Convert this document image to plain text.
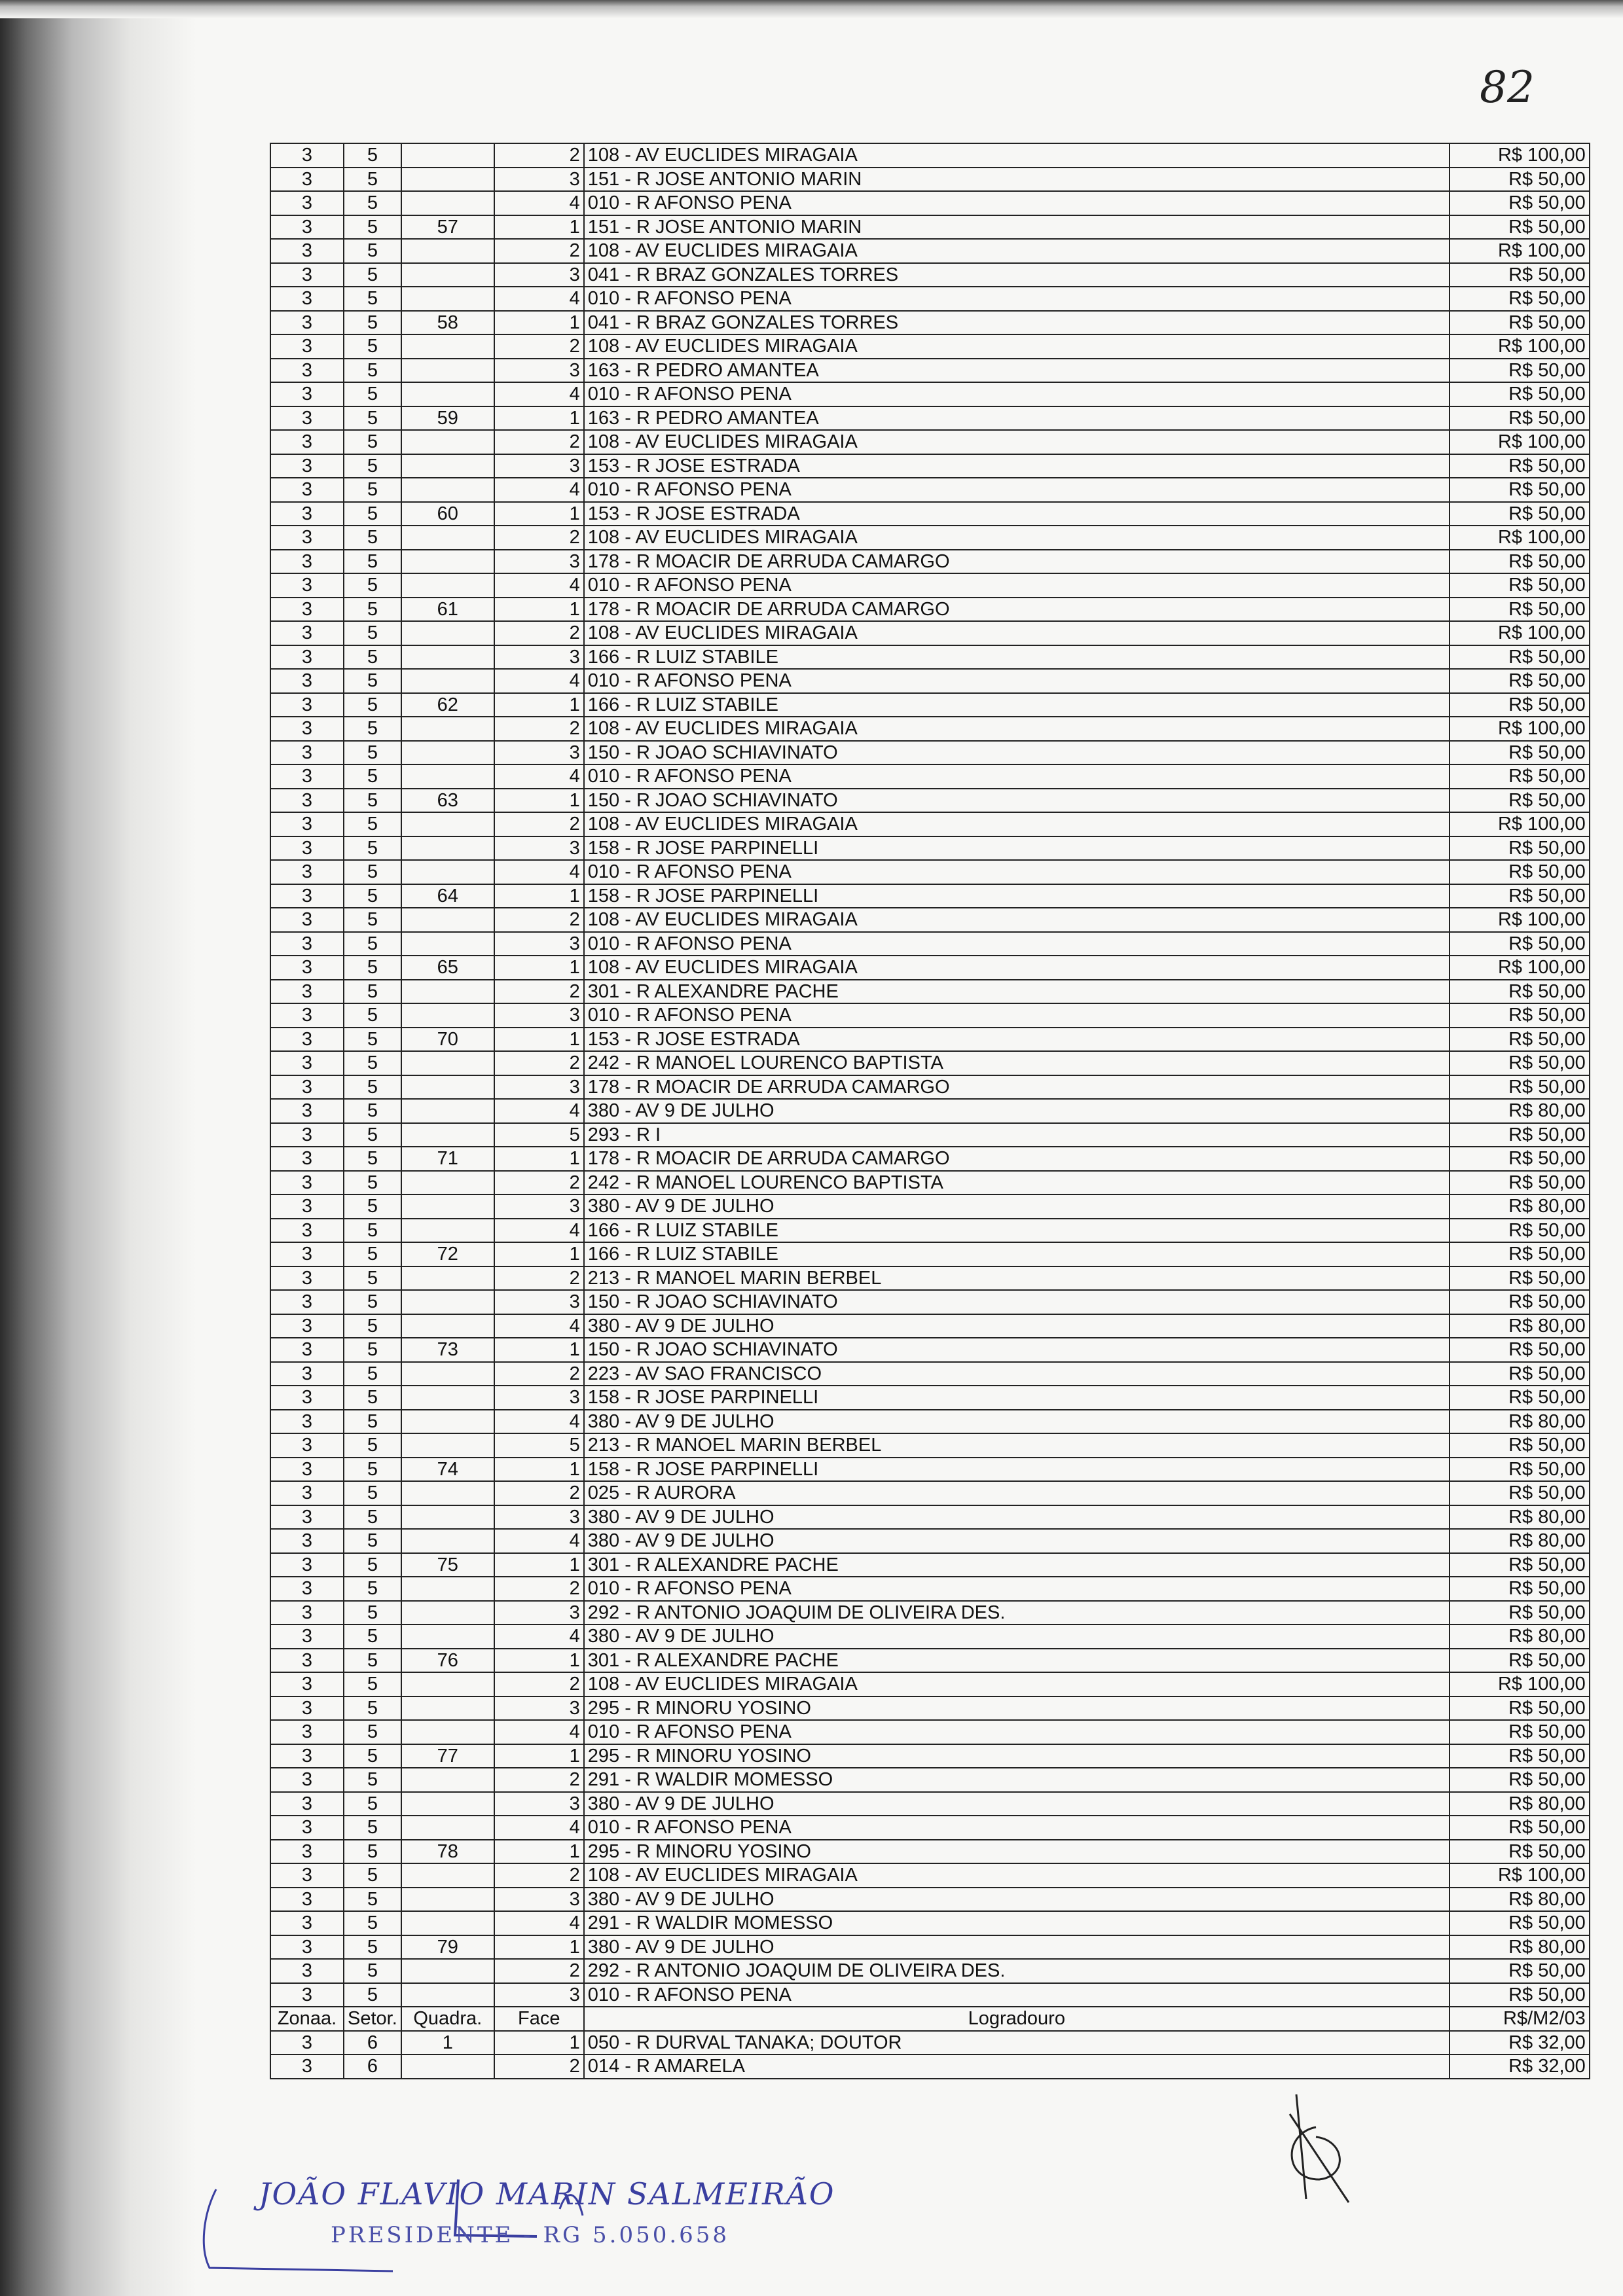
82
3	5		2	108 - AV EUCLIDES MIRAGAIA	R$ 100,00
3	5		3	151 - R JOSE ANTONIO MARIN	R$ 50,00
3	5		4	010 - R AFONSO PENA	R$ 50,00
3	5	57	1	151 - R JOSE ANTONIO MARIN	R$ 50,00
3	5		2	108 - AV EUCLIDES MIRAGAIA	R$ 100,00
3	5		3	041 - R BRAZ GONZALES TORRES	R$ 50,00
3	5		4	010 - R AFONSO PENA	R$ 50,00
3	5	58	1	041 - R BRAZ GONZALES TORRES	R$ 50,00
3	5		2	108 - AV EUCLIDES MIRAGAIA	R$ 100,00
3	5		3	163 - R PEDRO AMANTEA	R$ 50,00
3	5		4	010 - R AFONSO PENA	R$ 50,00
3	5	59	1	163 - R PEDRO AMANTEA	R$ 50,00
3	5		2	108 - AV EUCLIDES MIRAGAIA	R$ 100,00
3	5		3	153 - R JOSE ESTRADA	R$ 50,00
3	5		4	010 - R AFONSO PENA	R$ 50,00
3	5	60	1	153 - R JOSE ESTRADA	R$ 50,00
3	5		2	108 - AV EUCLIDES MIRAGAIA	R$ 100,00
3	5		3	178 - R MOACIR DE ARRUDA CAMARGO	R$ 50,00
3	5		4	010 - R AFONSO PENA	R$ 50,00
3	5	61	1	178 - R MOACIR DE ARRUDA CAMARGO	R$ 50,00
3	5		2	108 - AV EUCLIDES MIRAGAIA	R$ 100,00
3	5		3	166 - R LUIZ STABILE	R$ 50,00
3	5		4	010 - R AFONSO PENA	R$ 50,00
3	5	62	1	166 - R LUIZ STABILE	R$ 50,00
3	5		2	108 - AV EUCLIDES MIRAGAIA	R$ 100,00
3	5		3	150 - R JOAO SCHIAVINATO	R$ 50,00
3	5		4	010 - R AFONSO PENA	R$ 50,00
3	5	63	1	150 - R JOAO SCHIAVINATO	R$ 50,00
3	5		2	108 - AV EUCLIDES MIRAGAIA	R$ 100,00
3	5		3	158 - R JOSE PARPINELLI	R$ 50,00
3	5		4	010 - R AFONSO PENA	R$ 50,00
3	5	64	1	158 - R JOSE PARPINELLI	R$ 50,00
3	5		2	108 - AV EUCLIDES MIRAGAIA	R$ 100,00
3	5		3	010 - R AFONSO PENA	R$ 50,00
3	5	65	1	108 - AV EUCLIDES MIRAGAIA	R$ 100,00
3	5		2	301 - R ALEXANDRE PACHE	R$ 50,00
3	5		3	010 - R AFONSO PENA	R$ 50,00
3	5	70	1	153 - R JOSE ESTRADA	R$ 50,00
3	5		2	242 - R MANOEL LOURENCO BAPTISTA	R$ 50,00
3	5		3	178 - R MOACIR DE ARRUDA CAMARGO	R$ 50,00
3	5		4	380 - AV 9 DE JULHO	R$ 80,00
3	5		5	293 - R I	R$ 50,00
3	5	71	1	178 - R MOACIR DE ARRUDA CAMARGO	R$ 50,00
3	5		2	242 - R MANOEL LOURENCO BAPTISTA	R$ 50,00
3	5		3	380 - AV 9 DE JULHO	R$ 80,00
3	5		4	166 - R LUIZ STABILE	R$ 50,00
3	5	72	1	166 - R LUIZ STABILE	R$ 50,00
3	5		2	213 - R MANOEL MARIN BERBEL	R$ 50,00
3	5		3	150 - R JOAO SCHIAVINATO	R$ 50,00
3	5		4	380 - AV 9 DE JULHO	R$ 80,00
3	5	73	1	150 - R JOAO SCHIAVINATO	R$ 50,00
3	5		2	223 - AV SAO FRANCISCO	R$ 50,00
3	5		3	158 - R JOSE PARPINELLI	R$ 50,00
3	5		4	380 - AV 9 DE JULHO	R$ 80,00
3	5		5	213 - R MANOEL MARIN BERBEL	R$ 50,00
3	5	74	1	158 - R JOSE PARPINELLI	R$ 50,00
3	5		2	025 - R AURORA	R$ 50,00
3	5		3	380 - AV 9 DE JULHO	R$ 80,00
3	5		4	380 - AV 9 DE JULHO	R$ 80,00
3	5	75	1	301 - R ALEXANDRE PACHE	R$ 50,00
3	5		2	010 - R AFONSO PENA	R$ 50,00
3	5		3	292 - R ANTONIO JOAQUIM DE OLIVEIRA DES.	R$ 50,00
3	5		4	380 - AV 9 DE JULHO	R$ 80,00
3	5	76	1	301 - R ALEXANDRE PACHE	R$ 50,00
3	5		2	108 - AV EUCLIDES MIRAGAIA	R$ 100,00
3	5		3	295 - R MINORU YOSINO	R$ 50,00
3	5		4	010 - R AFONSO PENA	R$ 50,00
3	5	77	1	295 - R MINORU YOSINO	R$ 50,00
3	5		2	291 - R WALDIR MOMESSO	R$ 50,00
3	5		3	380 - AV 9 DE JULHO	R$ 80,00
3	5		4	010 - R AFONSO PENA	R$ 50,00
3	5	78	1	295 - R MINORU YOSINO	R$ 50,00
3	5		2	108 - AV EUCLIDES MIRAGAIA	R$ 100,00
3	5		3	380 - AV 9 DE JULHO	R$ 80,00
3	5		4	291 - R WALDIR MOMESSO	R$ 50,00
3	5	79	1	380 - AV 9 DE JULHO	R$ 80,00
3	5		2	292 - R ANTONIO JOAQUIM DE OLIVEIRA DES.	R$ 50,00
3	5		3	010 - R AFONSO PENA	R$ 50,00
Zonaa.	Setor.	Quadra.	Face	Logradouro	R$/M2/03
3	6	1	1	050 - R DURVAL TANAKA; DOUTOR	R$ 32,00
3	6		2	014 - R AMARELA	R$ 32,00
JOÃO FLAVIO MARIN SALMEIRÃO
PRESIDENTE - RG 5.050.658
